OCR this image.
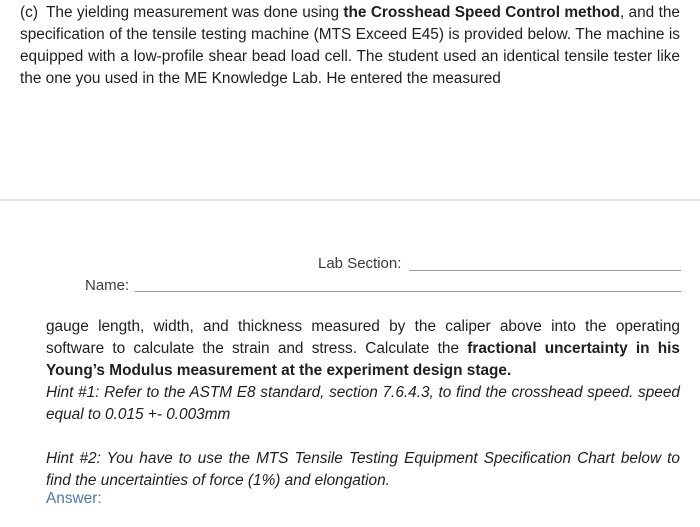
(c) The yielding measurement was done using the Crosshead Speed Control method, and the specification of the tensile testing machine (MTS Exceed E45) is provided below. The machine is equipped with a low-profile shear bead load cell. The student used an identical tensile tester like the one you used in the ME Knowledge Lab. He entered the measured
Lab Section:
Name:
gauge length, width, and thickness measured by the caliper above into the operating software to calculate the strain and stress. Calculate the fractional uncertainty in his Young’s Modulus measurement at the experiment design stage.
Hint #1: Refer to the ASTM E8 standard, section 7.6.4.3, to find the crosshead speed. speed equal to 0.015 +- 0.003mm
Hint #2: You have to use the MTS Tensile Testing Equipment Specification Chart below to find the uncertainties of force (1%) and elongation.
Answer:
